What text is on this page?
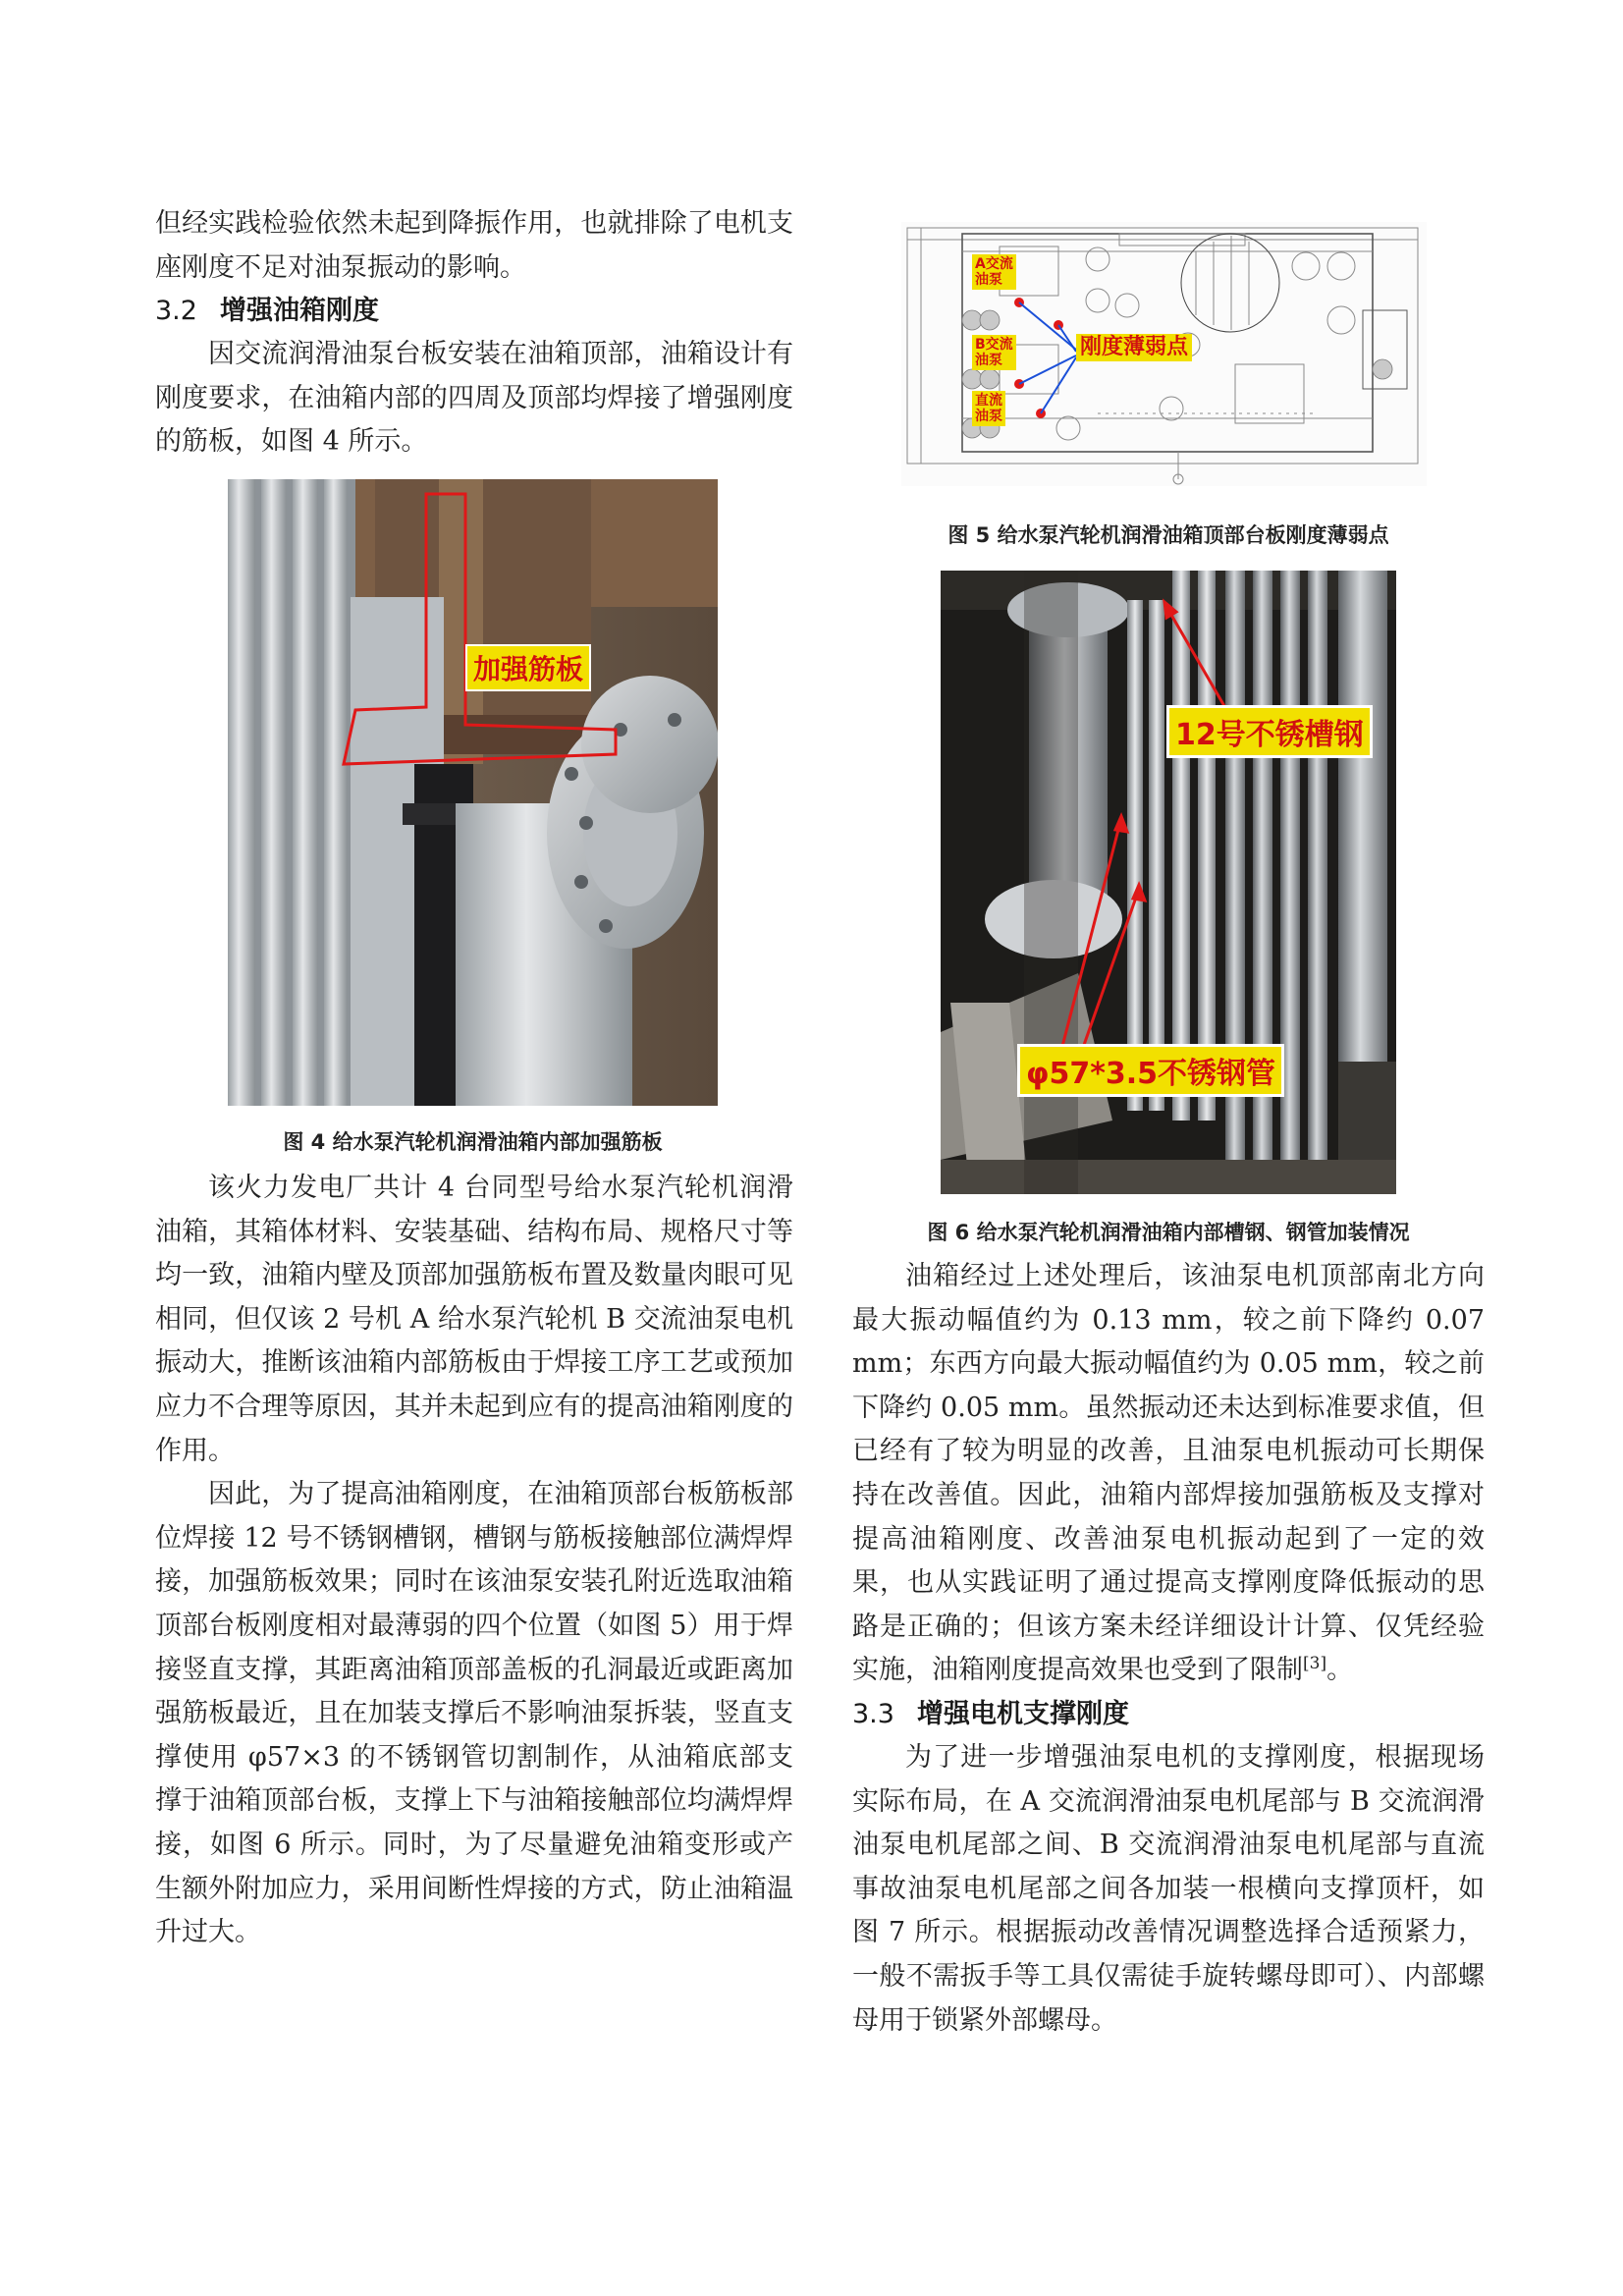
但经实践检验依然未起到降振作用，也就排除了电机支座刚度不足对油泵振动的影响。

3.2 增强油箱刚度

因交流润滑油泵台板安装在油箱顶部，油箱设计有刚度要求，在油箱内部的四周及顶部均焊接了增强刚度的筋板，如图 4 所示。

加强筋板
图 4 给水泵汽轮机润滑油箱内部加强筋板

该火力发电厂共计 4 台同型号给水泵汽轮机润滑油箱，其箱体材料、安装基础、结构布局、规格尺寸等均一致，油箱内壁及顶部加强筋板布置及数量肉眼可见相同，但仅该 2 号机 A 给水泵汽轮机 B 交流油泵电机振动大，推断该油箱内部筋板由于焊接工序工艺或预加应力不合理等原因，其并未起到应有的提高油箱刚度的作用。

因此，为了提高油箱刚度，在油箱顶部台板筋板部位焊接 12 号不锈钢槽钢，槽钢与筋板接触部位满焊焊接，加强筋板效果；同时在该油泵安装孔附近选取油箱顶部台板刚度相对最薄弱的四个位置（如图 5）用于焊接竖直支撑，其距离油箱顶部盖板的孔洞最近或距离加强筋板最近，且在加装支撑后不影响油泵拆装，竖直支撑使用 φ57×3 的不锈钢管切割制作，从油箱底部支撑于油箱顶部台板，支撑上下与油箱接触部位均满焊焊接，如图 6 所示。同时，为了尽量避免油箱变形或产生额外附加应力，采用间断性焊接的方式，防止油箱温升过大。

A交流
油泵
B交流
油泵
直流
油泵
刚度薄弱点
图 5 给水泵汽轮机润滑油箱顶部台板刚度薄弱点
12号不锈槽钢
φ57*3.5不锈钢管
图 6 给水泵汽轮机润滑油箱内部槽钢、钢管加装情况

油箱经过上述处理后，该油泵电机顶部南北方向最大振动幅值约为 0.13 mm，较之前下降约 0.07 mm；东西方向最大振动幅值约为 0.05 mm，较之前下降约 0.05 mm。虽然振动还未达到标准要求值，但已经有了较为明显的改善，且油泵电机振动可长期保持在改善值。因此，油箱内部焊接加强筋板及支撑对提高油箱刚度、改善油泵电机振动起到了一定的效果，也从实践证明了通过提高支撑刚度降低振动的思路是正确的；但该方案未经详细设计计算、仅凭经验实施，油箱刚度提高效果也受到了限制[3]。

3.3 增强电机支撑刚度

为了进一步增强油泵电机的支撑刚度，根据现场实际布局，在 A 交流润滑油泵电机尾部与 B 交流润滑油泵电机尾部之间、B 交流润滑油泵电机尾部与直流事故油泵电机尾部之间各加装一根横向支撑顶杆，如图 7 所示。根据振动改善情况调整选择合适预紧力，一般不需扳手等工具仅需徒手旋转螺母即可）、内部螺母用于锁紧外部螺母。
